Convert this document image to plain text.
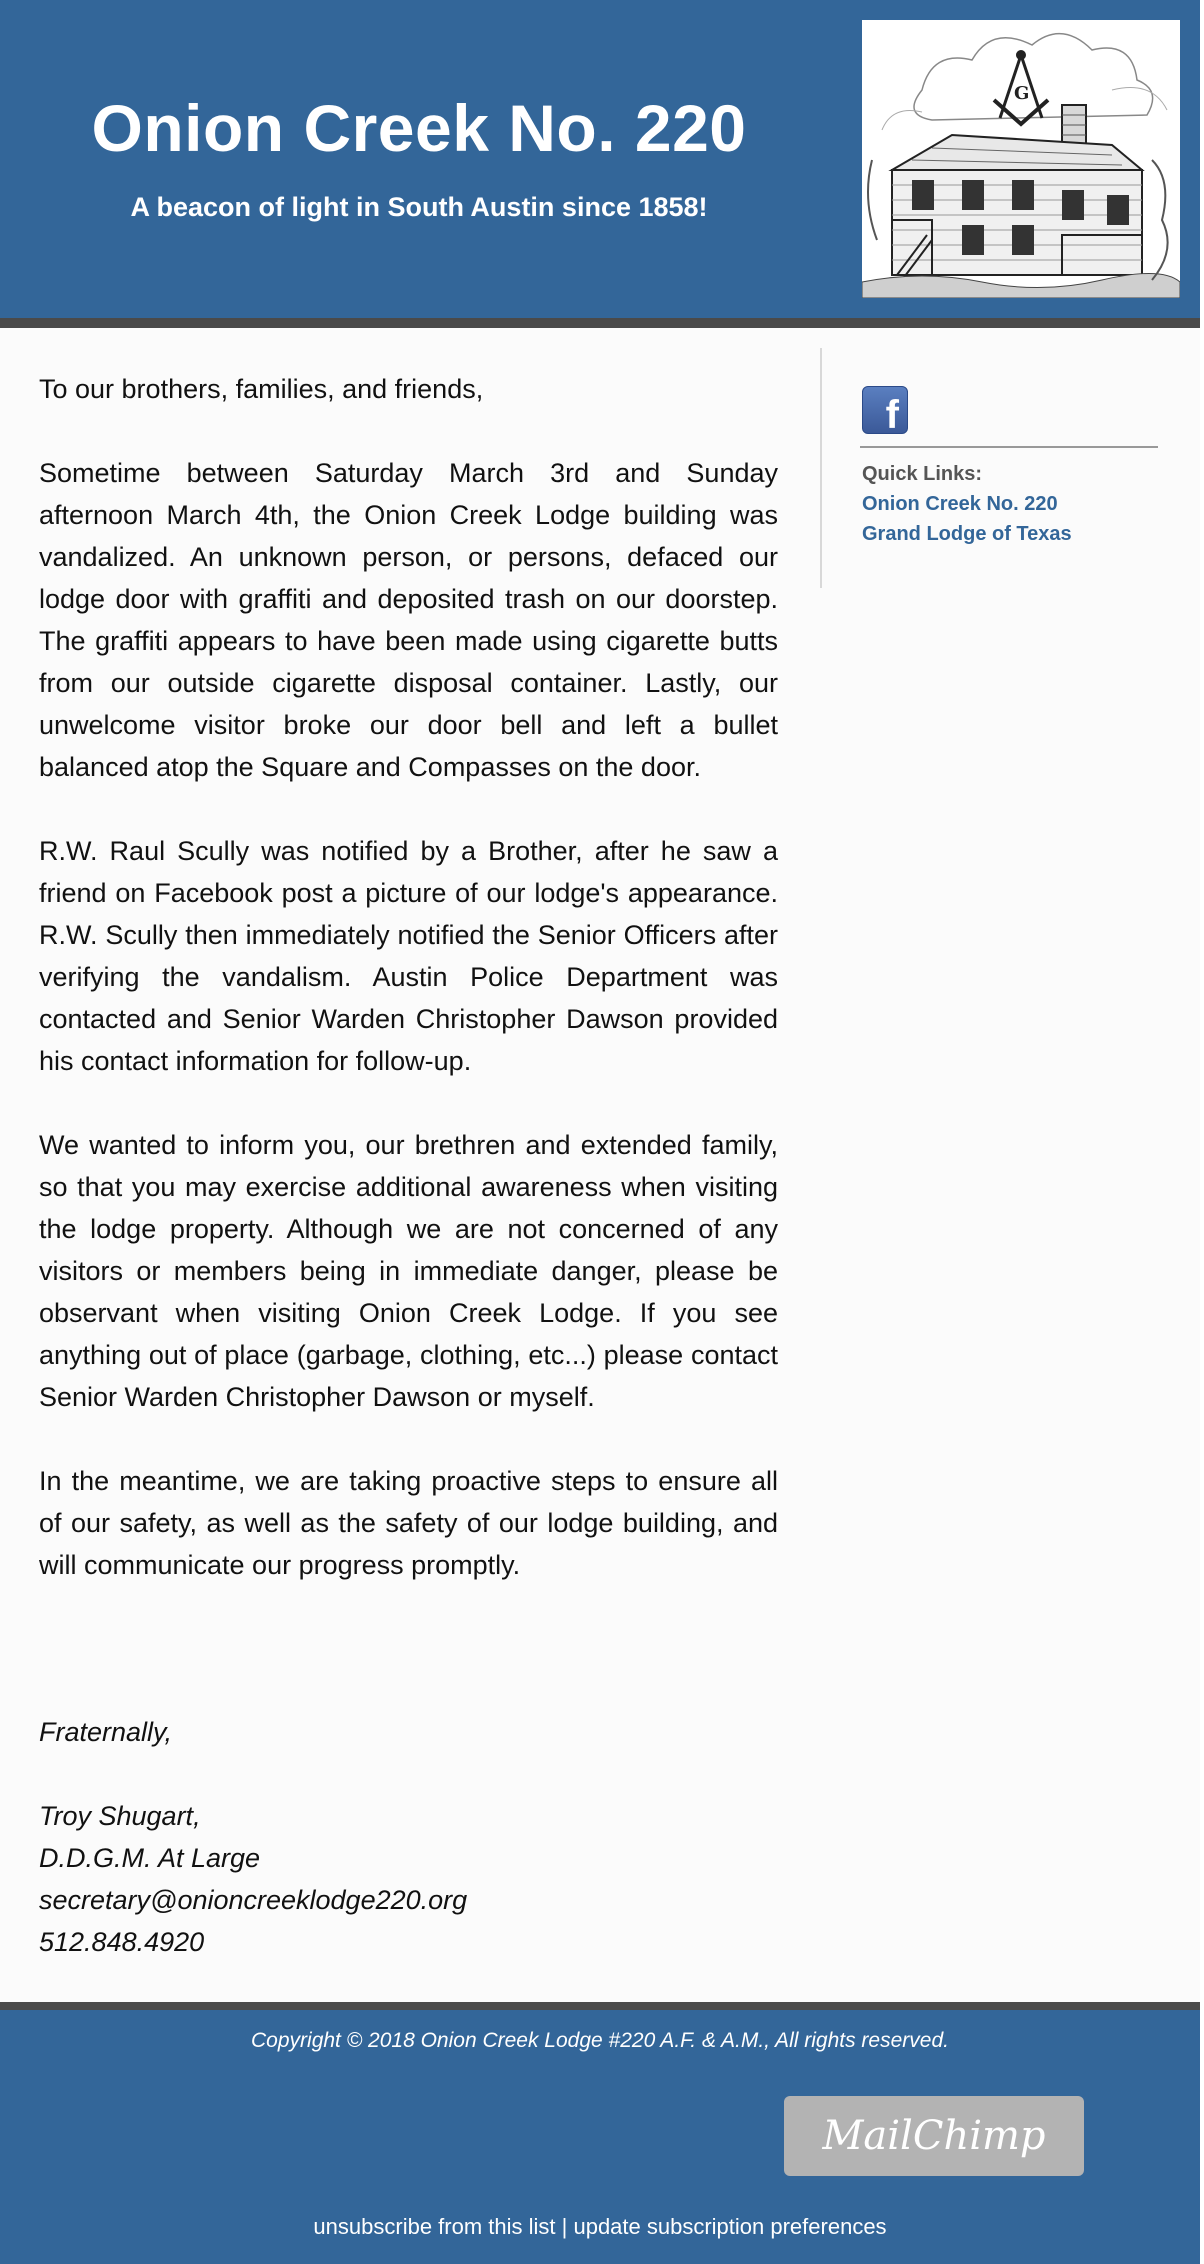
Onion Creek No. 220
A beacon of light in South Austin since 1858!
G

To our brothers, families, and friends,

Sometime between Saturday March 3rd and Sunday afternoon March 4th, the Onion Creek Lodge building was vandalized. An unknown person, or persons, defaced our lodge door with graffiti and deposited trash on our doorstep. The graffiti appears to have been made using cigarette butts from our outside cigarette disposal container. Lastly, our unwelcome visitor broke our door bell and left a bullet balanced atop the Square and Compasses on the door.

R.W. Raul Scully was notified by a Brother, after he saw a friend on Facebook post a picture of our lodge's appearance. R.W. Scully then immediately notified the Senior Officers after verifying the vandalism. Austin Police Department was contacted and Senior Warden Christopher Dawson provided his contact information for follow-up.

We wanted to inform you, our brethren and extended family, so that you may exercise additional awareness when visiting the lodge property. Although we are not concerned of any visitors or members being in immediate danger, please be observant when visiting Onion Creek Lodge. If you see anything out of place (garbage, clothing, etc...) please contact Senior Warden Christopher Dawson or myself.

In the meantime, we are taking proactive steps to ensure all of our safety, as well as the safety of our lodge building, and will communicate our progress promptly.

Fraternally,
Troy Shugart,
D.D.G.M. At Large
secretary@onioncreeklodge220.org
512.848.4920
f
Quick Links:
Onion Creek No. 220
Grand Lodge of Texas
Copyright © 2018 Onion Creek Lodge #220 A.F. & A.M., All rights reserved.
MailChimp
unsubscribe from this list | update subscription preferences
